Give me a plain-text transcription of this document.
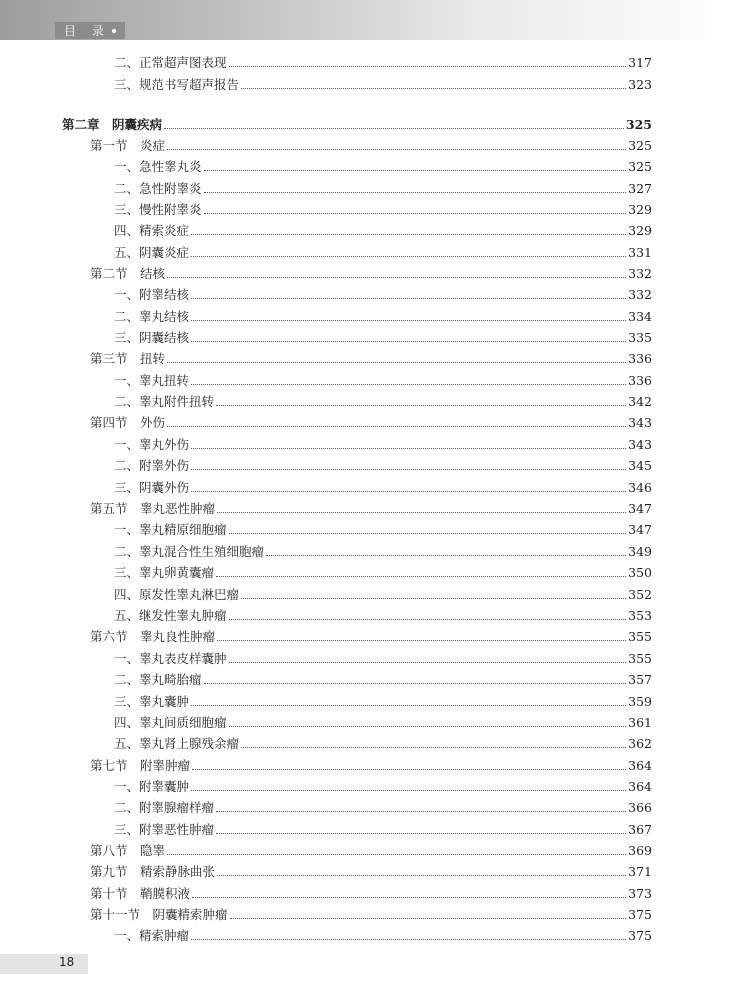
目 录
二、正常超声图表现	317
三、规范书写超声报告	323
第二章　阴囊疾病	325
第一节　炎症	325
一、急性睾丸炎	325
二、急性附睾炎	327
三、慢性附睾炎	329
四、精索炎症	329
五、阴囊炎症	331
第二节　结核	332
一、附睾结核	332
二、睾丸结核	334
三、阴囊结核	335
第三节　扭转	336
一、睾丸扭转	336
二、睾丸附件扭转	342
第四节　外伤	343
一、睾丸外伤	343
二、附睾外伤	345
三、阴囊外伤	346
第五节　睾丸恶性肿瘤	347
一、睾丸精原细胞瘤	347
二、睾丸混合性生殖细胞瘤	349
三、睾丸卵黄囊瘤	350
四、原发性睾丸淋巴瘤	352
五、继发性睾丸肿瘤	353
第六节　睾丸良性肿瘤	355
一、睾丸表皮样囊肿	355
二、睾丸畸胎瘤	357
三、睾丸囊肿	359
四、睾丸间质细胞瘤	361
五、睾丸肾上腺残余瘤	362
第七节　附睾肿瘤	364
一、附睾囊肿	364
二、附睾腺瘤样瘤	366
三、附睾恶性肿瘤	367
第八节　隐睾	369
第九节　精索静脉曲张	371
第十节　鞘膜积液	373
第十一节　阴囊精索肿瘤	375
一、精索肿瘤	375
18
